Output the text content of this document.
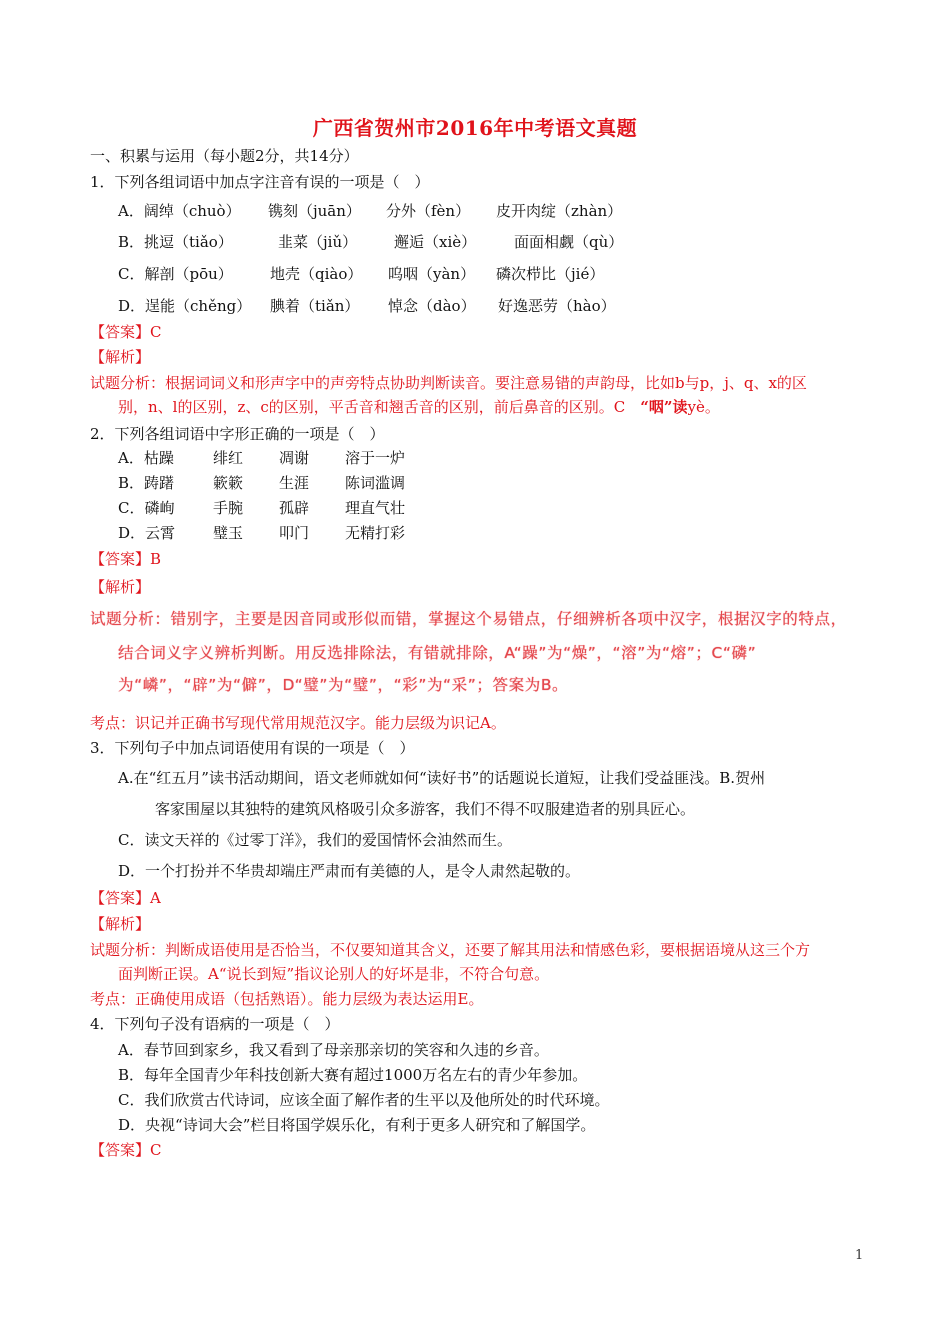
广西省贺州市2016年中考语文真题
一、积累与运用（每小题2分，共14分）
1．下列各组词语中加点字注音有误的一项是（　）
A．阔绰（chuò） 镌刻（juān） 分外（fèn） 皮开肉绽（zhàn）
B．挑逗（tiǎo）	韭菜（jiǔ） 邂逅（xiè）	面面相觑（qù）
C．解剖（pōu） 地壳（qiào） 呜咽（yàn） 磷次栉比（jié）
D．逞能（chěng） 腆着（tiǎn） 悼念（dào） 好逸恶劳（hào）
【答案】C
【解析】
试题分析：根据词词义和形声字中的声旁特点协助判断读音。要注意易错的声韵母，比如b与p，j、q、x的区
别，n、l的区别，z、c的区别，平舌音和翘舌音的区别，前后鼻音的区别。C　“咽”读yè。
2．下列各组词语中字形正确的一项是（　）
A．枯躁	绯红 凋谢 溶于一炉
B．踌躇	簌簌 生涯 陈词滥调
C．磷峋	手腕 孤辟 理直气壮
D．云霄	璧玉 叩门 无精打彩
【答案】B
【解析】
试题分析：错别字，主要是因音同或形似而错，掌握这个易错点，仔细辨析各项中汉字，根据汉字的特点，
结合词义字义辨析判断。用反选排除法，有错就排除，A“躁”为“燥”，“溶”为“熔”；C“磷”
为“嶙”，“辟”为“僻”，D“璧”为“璧”，“彩”为“采”；答案为B。
考点：识记并正确书写现代常用规范汉字。能力层级为识记A。
3．下列句子中加点词语使用有误的一项是（　）
A.在“红五月”读书活动期间，语文老师就如何“读好书”的话题说长道短，让我们受益匪浅。B.贺州
客家围屋以其独特的建筑风格吸引众多游客，我们不得不叹服建造者的别具匠心。
C．读文天祥的《过零丁洋》，我们的爱国情怀会油然而生。
D．一个打扮并不华贵却端庄严肃而有美德的人，是令人肃然起敬的。
【答案】A
【解析】
试题分析：判断成语使用是否恰当，不仅要知道其含义，还要了解其用法和情感色彩，要根据语境从这三个方
面判断正误。A“说长到短”指议论别人的好坏是非，不符合句意。
考点：正确使用成语（包括熟语）。能力层级为表达运用E。
4．下列句子没有语病的一项是（　）
A．春节回到家乡，我又看到了母亲那亲切的笑容和久违的乡音。
B．每年全国青少年科技创新大赛有超过1000万名左右的青少年参加。
C．我们欣赏古代诗词，应该全面了解作者的生平以及他所处的时代环境。
D．央视“诗词大会”栏目将国学娱乐化，有利于更多人研究和了解国学。
【答案】C
1
